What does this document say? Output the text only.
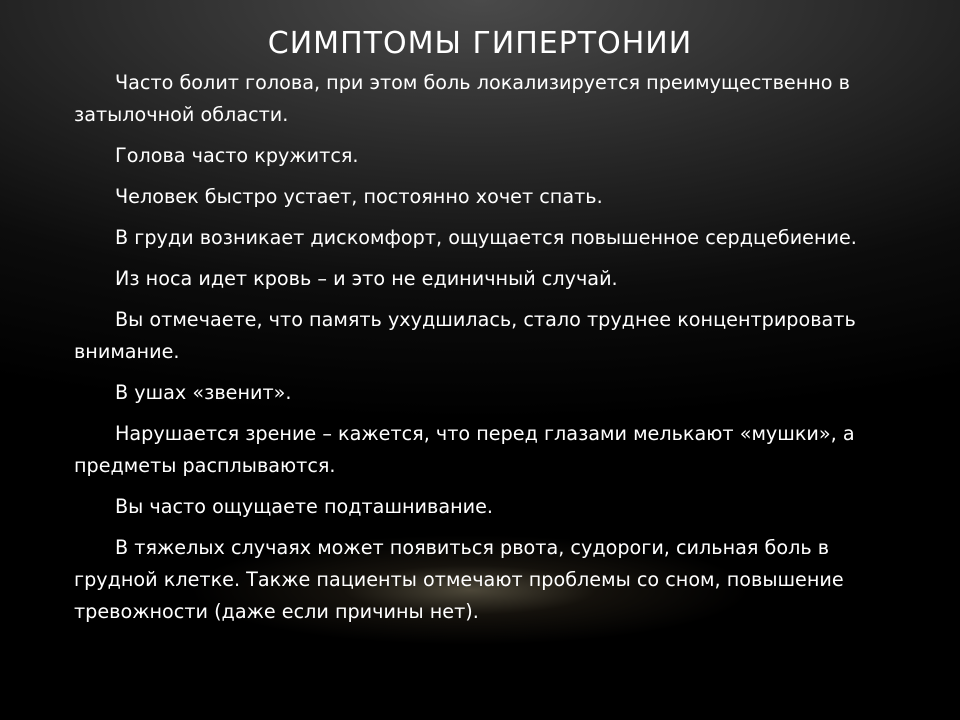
СИМПТОМЫ ГИПЕРТОНИИ
Часто болит голова, при этом боль локализируется преимущественно в затылочной области.
Голова часто кружится.
Человек быстро устает, постоянно хочет спать.
В груди возникает дискомфорт, ощущается повышенное сердцебиение.
Из носа идет кровь – и это не единичный случай.
Вы отмечаете, что память ухудшилась, стало труднее концентрировать внимание.
В ушах «звенит».
Нарушается зрение – кажется, что перед глазами мелькают «мушки», а предметы расплываются.
Вы часто ощущаете подташнивание.
В тяжелых случаях может появиться рвота, судороги, сильная боль в грудной клетке. Также пациенты отмечают проблемы со сном, повышение тревожности (даже если причины нет).
